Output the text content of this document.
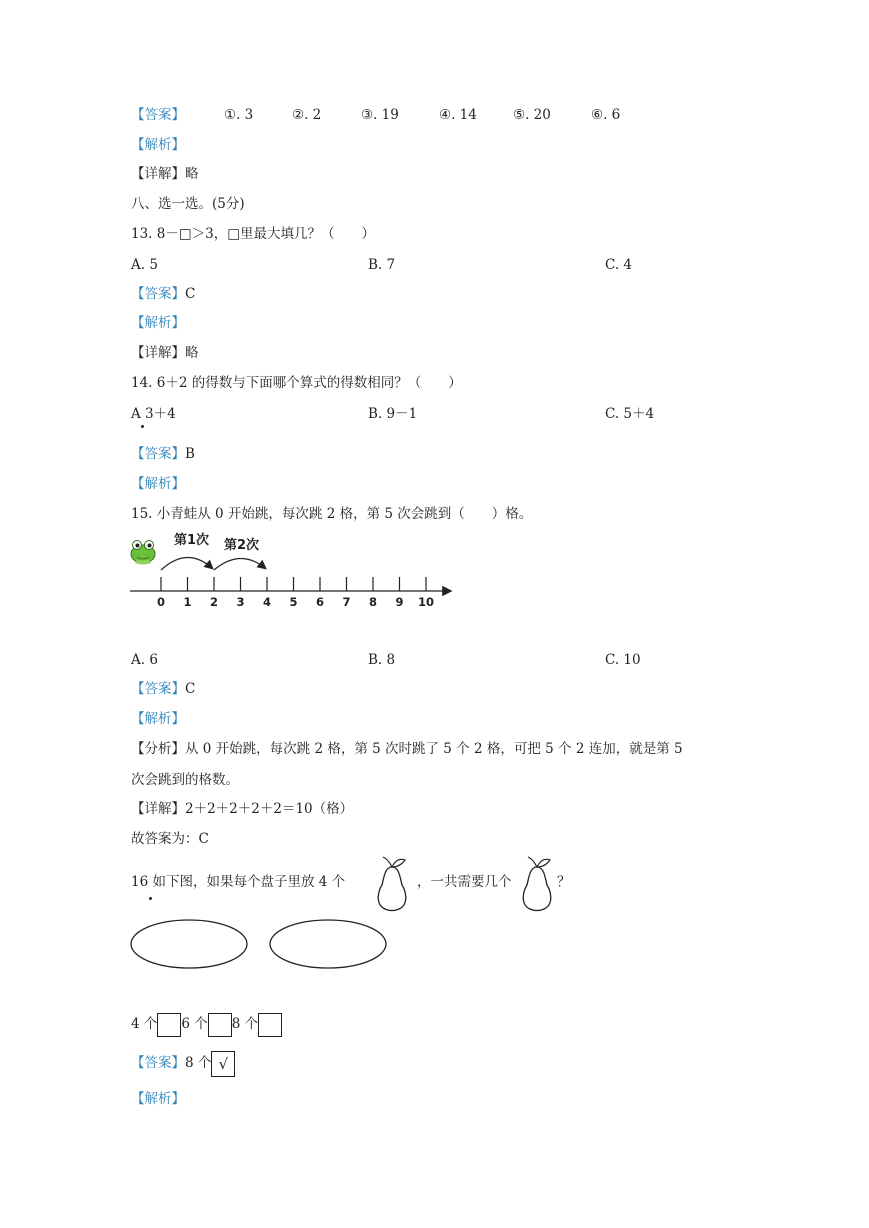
【答案】	①. 3	②. 2	③. 19	④. 14	⑤. 20	⑥. 6
【解析】
【详解】略
八、选一选。(5分)
13. 8－□＞3，□里最大填几？（　　）
A. 5	B. 7	C. 4
【答案】C
【解析】
【详解】略
14. 6＋2 的得数与下面哪个算式的得数相同？（　　）
A 3＋4	B. 9－1	C. 5＋4
【答案】B
【解析】
15. 小青蛙从 0 开始跳，每次跳 2 格，第 5 次会跳到（　　）格。
第1次 第2次
0 1 2 3 4 5 6 7 8 9 10
A. 6	B. 8	C. 10
【答案】C
【解析】
【分析】从 0 开始跳，每次跳 2 格，第 5 次时跳了 5 个 2 格，可把 5 个 2 连加，就是第 5
次会跳到的格数。
【详解】2＋2＋2＋2＋2＝10（格）
故答案为：C
16 如下图，如果每个盘子里放 4 个	，一共需要几个	？
4 个 6 个 8 个
【答案】8 个 √
【解析】
